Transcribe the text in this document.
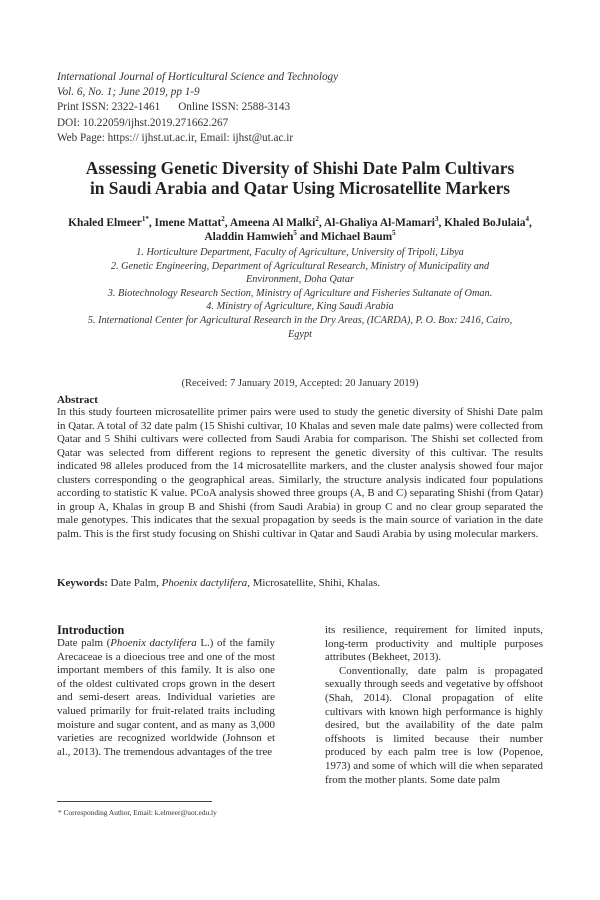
International Journal of Horticultural Science and Technology
Vol. 6, No. 1; June 2019, pp 1-9
Print ISSN: 2322-1461 Online ISSN: 2588-3143
DOI: 10.22059/ijhst.2019.271662.267
Web Page: https:// ijhst.ut.ac.ir, Email: ijhst@ut.ac.ir
Assessing Genetic Diversity of Shishi Date Palm Cultivars
in Saudi Arabia and Qatar Using Microsatellite Markers
Khaled Elmeer$^{1*}$, Imene Mattat$^2$, Ameena Al Malki$^2$, Al-Ghaliya Al-Mamari$^3$, Khaled BoJulaia$^4$, Aladdin Hamwieh$^5$ and Michael Baum$^5$
1. Horticulture Department, Faculty of Agriculture, University of Tripoli, Libya
2. Genetic Engineering, Department of Agricultural Research, Ministry of Municipality and Environment, Doha Qatar
3. Biotechnology Research Section, Ministry of Agriculture and Fisheries Sultanate of Oman.
4. Ministry of Agriculture, King Saudi Arabia
5. International Center for Agricultural Research in the Dry Areas, (ICARDA), P. O. Box: 2416, Cairo, Egypt
(Received: 7 January 2019, Accepted: 20 January 2019)
Abstract
In this study fourteen microsatellite primer pairs were used to study the genetic diversity of Shishi Date palm in Qatar. A total of 32 date palm (15 Shishi cultivar, 10 Khalas and seven male date palms) were collected from Qatar and 5 Shihi cultivars were collected from Saudi Arabia for comparison. The Shishi set collected from Qatar was selected from different regions to represent the genetic diversity of this cultivar. The results indicated 98 alleles produced from the 14 microsatellite markers, and the cluster analysis showed four major clusters corresponding o the geographical areas. Similarly, the structure analysis indicated four populations according to statistic K value. PCoA analysis showed three groups (A, B and C) separating Shishi (from Qatar) in group A, Khalas in group B and Shishi (from Saudi Arabia) in group C and no clear group separated the male genotypes. This indicates that the sexual propagation by seeds is the main source of variation in the date palm. This is the first study focusing on Shishi cultivar in Qatar and Saudi Arabia by using molecular markers.
Keywords: Date Palm, Phoenix dactylifera, Microsatellite, Shihi, Khalas.
Introduction
Date palm (Phoenix dactylifera L.) of the family Arecaceae is a dioecious tree and one of the most important members of this family. It is also one of the oldest cultivated crops grown in the desert and semi-desert areas. Individual varieties are valued primarily for fruit-related traits including moisture and sugar content, and as many as 3,000 varieties are recognized worldwide (Johnson et al., 2013). The tremendous advantages of the tree
its resilience, requirement for limited inputs, long-term productivity and multiple purposes attributes (Bekheet, 2013).
Conventionally, date palm is propagated sexually through seeds and vegetative by offshoot (Shah, 2014). Clonal propagation of elite cultivars with known high performance is highly desired, but the availability of the date palm offshoots is limited because their number produced by each palm tree is low (Popenoe, 1973) and some of which will die when separated from the mother plants. Some date palm
* Corresponding Author, Email: k.elmeer@uot.edu.ly
